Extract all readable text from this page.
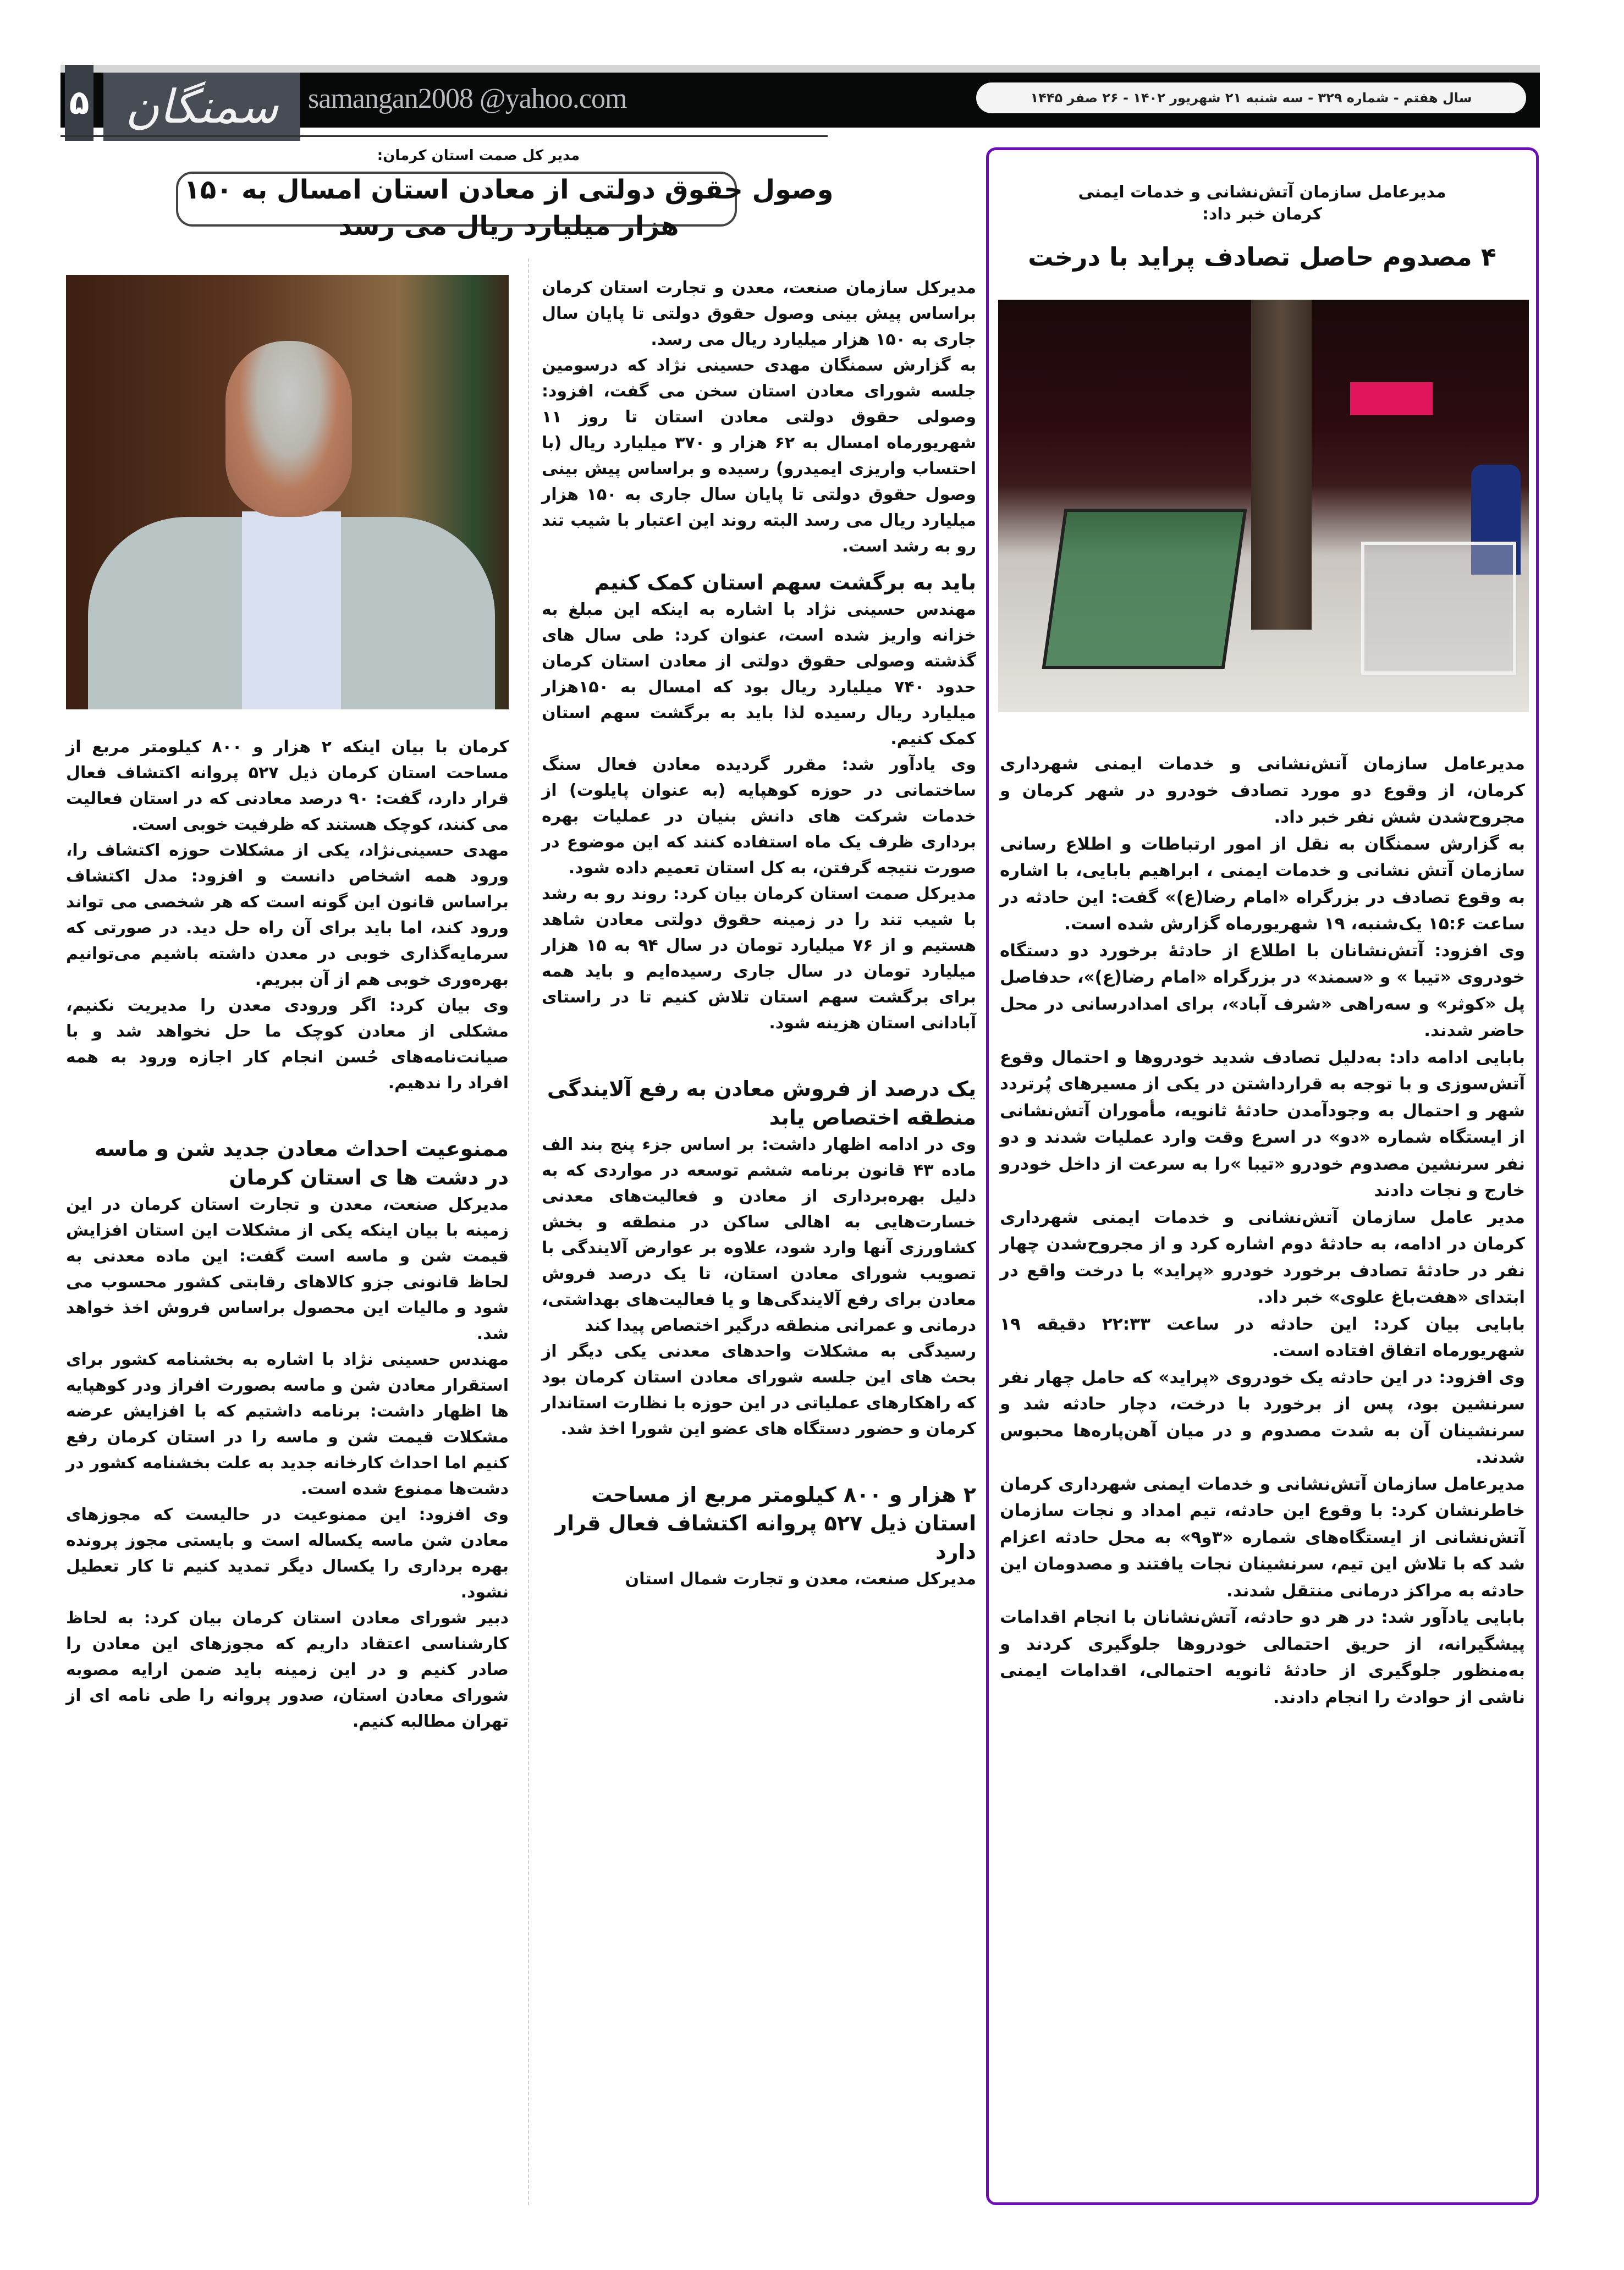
۵ سمنگان	samangan2008 @yahoo.com	سال هفتم - شماره ۳۲۹ - سه شنبه ۲۱ شهریور ۱۴۰۲ - ۲۶ صفر ۱۴۴۵
مدیر کل صمت استان کرمان:
وصول حقوق دولتی از معادن استان امسال به ۱۵۰ هزار میلیارد ریال می رسد

مدیرکل سازمان صنعت، معدن و تجارت استان کرمان براساس پیش بینی وصول حقوق دولتی تا پایان سال جاری به ۱۵۰ هزار میلیارد ریال می رسد.

به گزارش سمنگان مهدی حسینی نژاد که درسومین جلسه شورای معادن استان سخن می گفت، افزود: وصولی حقوق دولتی معادن استان تا روز ۱۱ شهریورماه امسال به ۶۲ هزار و ۳۷۰ میلیارد ریال (با احتساب واریزی ایمیدرو) رسیده و براساس پیش بینی وصول حقوق دولتی تا پایان سال جاری به ۱۵۰ هزار میلیارد ریال می رسد البته روند این اعتبار با شیب تند رو به رشد است.

باید به برگشت سهم استان کمک کنیم

مهندس حسینی نژاد با اشاره به اینکه این مبلغ به خزانه واریز شده است، عنوان کرد: طی سال های گذشته وصولی حقوق دولتی از معادن استان کرمان حدود ۷۴۰ میلیارد ریال بود که امسال به ۱۵۰هزار میلیارد ریال رسیده لذا باید به برگشت سهم استان کمک کنیم.

وی یادآور شد: مقرر گردیده معادن فعال سنگ ساختمانی در حوزه کوهپایه (به عنوان پایلوت) از خدمات شرکت های دانش بنیان در عملیات بهره برداری ظرف یک ماه استفاده کنند که این موضوع در صورت نتیجه گرفتن، به کل استان تعمیم داده شود.

مدیرکل صمت استان کرمان بیان کرد: روند رو به رشد با شیب تند را در زمینه حقوق دولتی معادن شاهد هستیم و از ۷۶ میلیارد تومان در سال ۹۴ به ۱۵ هزار میلیارد تومان در سال جاری رسیده‌ایم و باید همه برای برگشت سهم استان تلاش کنیم تا در راستای آبادانی استان هزینه شود.

یک درصد از فروش معادن به رفع آلایندگی منطقه اختصاص یابد

وی در ادامه اظهار داشت: بر اساس جزء پنج بند الف ماده ۴۳ قانون برنامه ششم توسعه در مواردی که به دلیل بهره‌برداری از معادن و فعالیت‌های معدنی خسارت‌هایی به اهالی ساکن در منطقه و بخش کشاورزی آنها وارد شود، علاوه بر عوارض آلایندگی با تصویب شورای معادن استان، تا یک درصد فروش معادن برای رفع آلایندگی‌ها و یا فعالیت‌های بهداشتی، درمانی و عمرانی منطقه درگیر اختصاص پیدا کند

رسیدگی به مشکلات واحدهای معدنی یکی دیگر از بحث های این جلسه شورای معادن استان کرمان بود که راهکارهای عملیاتی در این حوزه با نظارت استاندار کرمان و حضور دستگاه های عضو این شورا اخذ شد.

۲ هزار و ۸۰۰ کیلومتر مربع از مساحت استان ذیل ۵۲۷ پروانه اکتشاف فعال قرار دارد

مدیرکل صنعت، معدن و تجارت شمال استان

کرمان با بیان اینکه ۲ هزار و ۸۰۰ کیلومتر مربع از مساحت استان کرمان ذیل ۵۲۷ پروانه اکتشاف فعال قرار دارد، گفت: ۹۰ درصد معادنی که در استان فعالیت می کنند، کوچک هستند که ظرفیت خوبی است.

مهدی حسینی‌نژاد، یکی از مشکلات حوزه اکتشاف را، ورود همه اشخاص دانست و افزود: مدل اکتشاف براساس قانون این گونه است که هر شخصی می تواند ورود کند، اما باید برای آن راه حل دید. در صورتی که سرمایه‌گذاری خوبی در معدن داشته باشیم می‌توانیم بهره‌وری خوبی هم از آن ببریم.

وی بیان کرد: اگر ورودی معدن را مدیریت نکنیم، مشکلی از معادن کوچک ما حل نخواهد شد و با صیانت‌نامه‌های حُسن انجام کار اجازه ورود به همه افراد را ندهیم.

ممنوعیت احداث معادن جدید شن و ماسه در دشت ها ی استان کرمان

مدیرکل صنعت، معدن و تجارت استان کرمان در این زمینه با بیان اینکه یکی از مشکلات این استان افزایش قیمت شن و ماسه است گفت: این ماده معدنی به لحاظ قانونی جزو کالاهای رقابتی کشور محسوب می شود و مالیات این محصول براساس فروش اخذ خواهد شد.

مهندس حسینی نژاد با اشاره به بخشنامه کشور برای استقرار معادن شن و ماسه بصورت افراز ودر کوهپایه ها اظهار داشت: برنامه داشتیم که با افزایش عرضه مشکلات قیمت شن و ماسه را در استان کرمان رفع کنیم اما احداث کارخانه جدید به علت بخشنامه کشور در دشت‌ها ممنوع شده است.

وی افزود: این ممنوعیت در حالیست که مجوزهای معادن شن ماسه یکساله است و بایستی مجوز پرونده بهره برداری را یکسال دیگر تمدید کنیم تا کار تعطیل نشود.

دبیر شورای معادن استان کرمان بیان کرد: به لحاظ کارشناسی اعتقاد داریم که مجوزهای این معادن را صادر کنیم و در این زمینه باید ضمن ارایه مصوبه شورای معادن استان، صدور پروانه را طی نامه ای از تهران مطالبه کنیم.

مدیرعامل سازمان آتش‌نشانی و خدمات ایمنی
کرمان خبر داد:
۴ مصدوم حاصل تصادف پراید با درخت

مدیرعامل سازمان آتش‌نشانی و خدمات ایمنی شهرداری کرمان، از وقوع دو مورد تصادف خودرو در شهر کرمان و مجروح‌شدن شش نفر خبر داد.

به گزارش سمنگان به نقل از امور ارتباطات و اطلاع رسانی سازمان آتش نشانی و خدمات ایمنی ، ابراهیم بابایی، با اشاره به وقوع تصادف در بزرگراه «امام رضا(ع)» گفت: این حادثه در ساعت ۱۵:۶ یک‌شنبه، ۱۹ شهریورماه گزارش شده است.

وی افزود: آتش‌نشانان با اطلاع از حادثهٔ برخورد دو دستگاه خودروی «تیبا » و «سمند» در بزرگراه «امام رضا(ع)»، حدفاصل پل «کوثر» و سه‌راهی «شرف آباد»، برای امدادرسانی در محل حاضر شدند.

بابایی ادامه داد: به‌دلیل تصادف شدید خودروها و احتمال وقوع آتش‌سوزی و با توجه به قرارداشتن در یکی از مسیرهای پُرتردد شهر و احتمال به وجودآمدن حادثهٔ ثانویه، مأموران آتش‌نشانی از ایستگاه شماره «دو» در اسرع وقت وارد عملیات شدند و دو نفر سرنشین مصدوم خودرو «تیبا »را به سرعت از داخل خودرو خارج و نجات دادند

مدیر عامل سازمان آتش‌نشانی و خدمات ایمنی شهرداری کرمان در ادامه، به حادثهٔ دوم اشاره کرد و از مجروح‌شدن چهار نفر در حادثهٔ تصادف برخورد خودرو «پراید» با درخت واقع در ابتدای «هفت‌باغ علوی» خبر داد.

بابایی بیان کرد: این حادثه در ساعت ۲۲:۳۳ دقیقه ۱۹ شهریورماه اتفاق افتاده است.

وی افزود: در این حادثه یک خودروی «پراید» که حامل چهار نفر سرنشین بود، پس از برخورد با درخت، دچار حادثه شد و سرنشینان آن به شدت مصدوم و در میان آهن‌پاره‌ها محبوس شدند.

مدیرعامل سازمان آتش‌نشانی و خدمات ایمنی شهرداری کرمان خاطرنشان کرد: با وقوع این حادثه، تیم امداد و نجات سازمان آتش‌نشانی از ایستگاه‌های شماره «۳و۹» به محل حادثه اعزام شد که با تلاش این تیم، سرنشینان نجات یافتند و مصدومان این حادثه به مراکز درمانی منتقل شدند.

بابایی یادآور شد: در هر دو حادثه، آتش‌نشانان با انجام اقدامات پیشگیرانه، از حریق احتمالی خودروها جلوگیری کردند و به‌منظور جلوگیری از حادثهٔ ثانویه احتمالی، اقدامات ایمنی ناشی از حوادث را انجام دادند.
